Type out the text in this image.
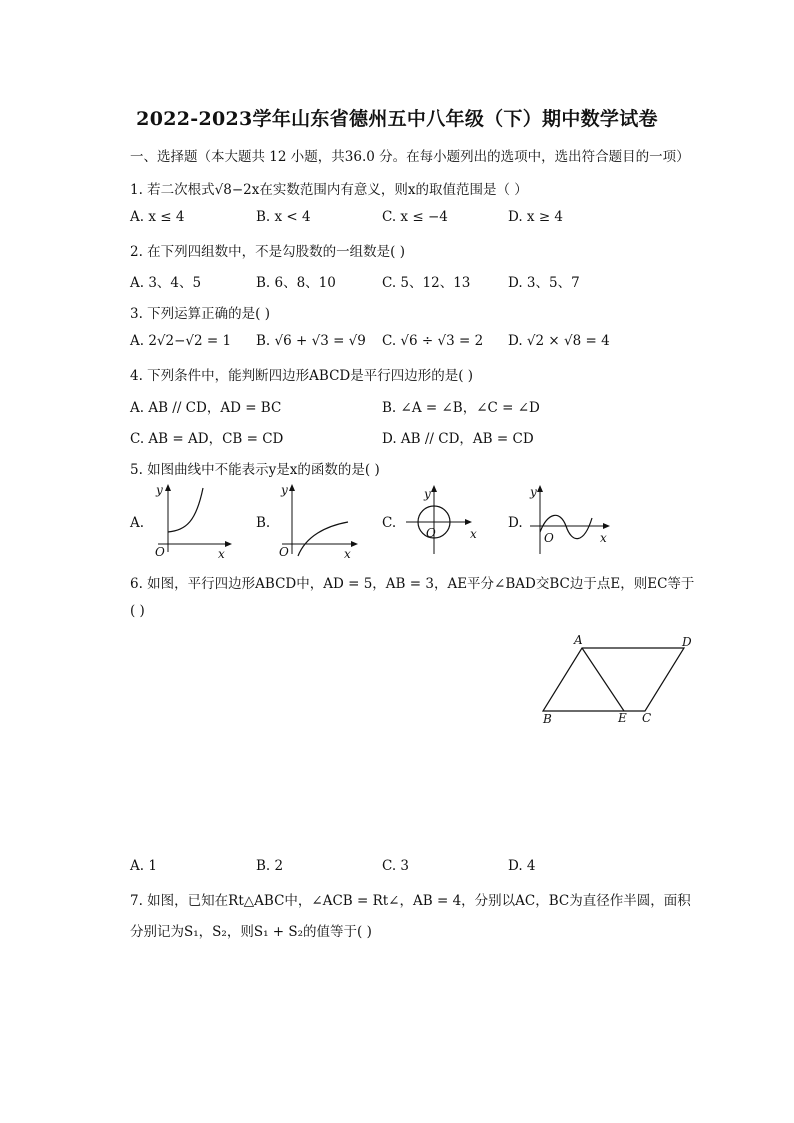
2022-2023学年山东省德州五中八年级（下）期中数学试卷
一、选择题（本大题共 12 小题，共36.0 分。在每小题列出的选项中，选出符合题目的一项）
1. 若二次根式√8−2x在实数范围内有意义，则x的取值范围是（ ）
A. x ≤ 4	B. x < 4	C. x ≤ −4	D. x ≥ 4
2. 在下列四组数中，不是勾股数的一组数是( )
A. 3、4、5	B. 6、8、10	C. 5、12、13	D. 3、5、7
3. 下列运算正确的是( )
A. 2√2−√2 = 1 B. √6 + √3 = √9 C. √6 ÷ √3 = 2 D. √2 × √8 = 4
4. 下列条件中，能判断四边形ABCD是平行四边形的是( )
A. AB // CD，AD = BC	B. ∠A = ∠B，∠C = ∠D
C. AB = AD，CB = CD	D. AB // CD，AB = CD
5. 如图曲线中不能表示y是x的函数的是( )
A.
y
x
O
B.
y
x
O
C.
y
x
O
D.
y
x
O
6. 如图，平行四边形ABCD中，AD = 5，AB = 3，AE平分∠BAD交BC边于点E，则EC等于
( )
A	D
B	E C
A. 1	B. 2	C. 3	D. 4
7. 如图，已知在Rt△ABC中，∠ACB = Rt∠，AB = 4，分别以AC，BC为直径作半圆，面积
分别记为S₁，S₂，则S₁ + S₂的值等于( )
